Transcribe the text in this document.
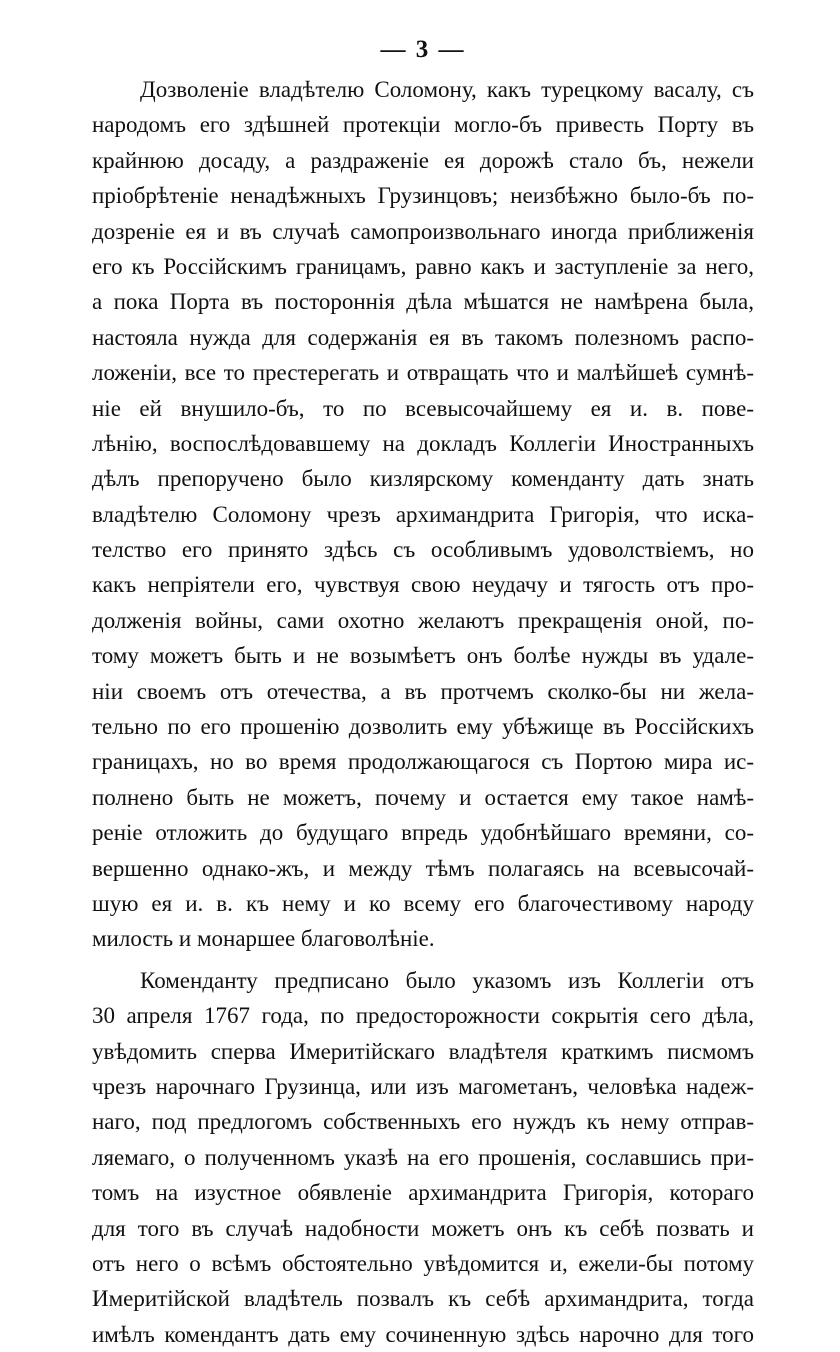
— 3 —
Дозволеніе владѣтелю Соломону, какъ турецкому васалу, съ
народомъ его здѣшней протекціи могло-бъ привесть Порту въ
крайнюю досаду, а раздраженіе ея дорожѣ стало бъ, нежели
пріобрѣтеніе ненадѣжныхъ Грузинцовъ; неизбѣжно было-бъ по-
дозреніе ея и въ случаѣ самопроизвольнаго иногда приближенія
его къ Россійскимъ границамъ, равно какъ и заступленіе за него,
а пока Порта въ постороннія дѣла мѣшатся не намѣрена была,
настояла нужда для содержанія ея въ такомъ полезномъ распо-
ложеніи, все то престерегать и отвращать что и малѣйшеѣ сумнѣ-
ніе ей внушило-бъ, то по всевысочайшему ея и. в. пове-
лѣнію, воспослѣдовавшему на докладъ Коллегіи Иностранныхъ
дѣлъ препоручено было кизлярскому коменданту дать знать
владѣтелю Соломону чрезъ архимандрита Григорія, что иска-
телство его принято здѣсь съ особливымъ удоволствіемъ, но
какъ непріятели его, чувствуя свою неудачу и тягость отъ про-
долженія войны, сами охотно желаютъ прекращенія оной, по-
тому можетъ быть и не возымѣетъ онъ болѣе нужды въ удале-
ніи своемъ отъ отечества, а въ протчемъ сколко-бы ни жела-
тельно по его прошенію дозволить ему убѣжище въ Россійскихъ
границахъ, но во время продолжающагося съ Портою мира ис-
полнено быть не можетъ, почему и остается ему такое намѣ-
реніе отложить до будущаго впредь удобнѣйшаго времяни, со-
вершенно однако-жъ, и между тѣмъ полагаясь на всевысочай-
шую ея и. в. къ нему и ко всему его благочестивому народу
милость и монаршее благоволѣніе.
Коменданту предписано было указомъ изъ Коллегіи отъ
30 апреля 1767 года, по предосторожности сокрытія сего дѣла,
увѣдомить сперва Имеритійскаго владѣтеля краткимъ писмомъ
чрезъ нарочнаго Грузинца, или изъ магометанъ, человѣка надеж-
наго, под предлогомъ собственныхъ его нуждъ къ нему отправ-
ляемаго, о полученномъ указѣ на его прошенія, сославшись при-
томъ на изустное обявленіе архимандрита Григорія, котораго
для того въ случаѣ надобности можетъ онъ къ себѣ позвать и
отъ него о всѣмъ обстоятельно увѣдомится и, ежели-бы потому
Имеритійской владѣтель позвалъ къ себѣ архимандрита, тогда
имѣлъ комендантъ дать ему сочиненную здѣсь нарочно для того
